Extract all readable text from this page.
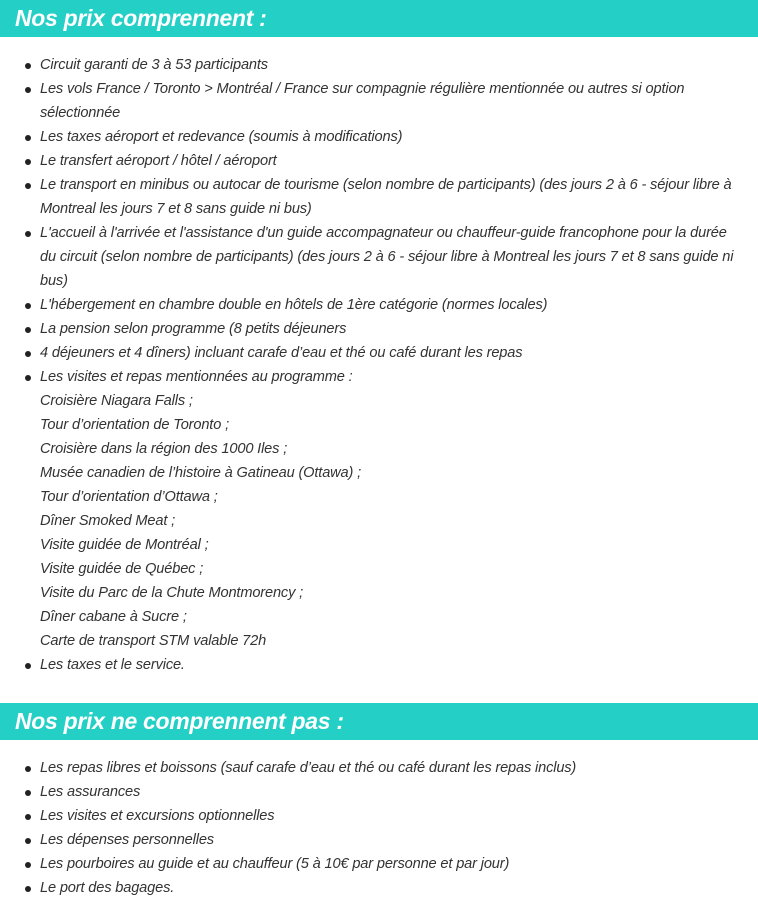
Nos prix comprennent :
Circuit garanti de 3 à 53 participants
Les vols France / Toronto > Montréal / France sur compagnie régulière mentionnée ou autres si option sélectionnée
Les taxes aéroport et redevance (soumis à modifications)
Le transfert aéroport / hôtel / aéroport
Le transport en minibus ou autocar de tourisme (selon nombre de participants) (des jours 2 à 6 - séjour libre à Montreal les jours 7 et 8 sans guide ni bus)
L'accueil à l'arrivée et l'assistance d'un guide accompagnateur ou chauffeur-guide francophone pour la durée du circuit (selon nombre de participants) (des jours 2 à 6 - séjour libre à Montreal les jours 7 et 8 sans guide ni bus)
L'hébergement en chambre double en hôtels de 1ère catégorie (normes locales)
La pension selon programme (8 petits déjeuners
4 déjeuners et 4 dîners) incluant carafe d’eau et thé ou café durant les repas
Les visites et repas mentionnées au programme :
Croisière Niagara Falls ;
Tour d’orientation de Toronto ;
Croisière dans la région des 1000 Iles ;
Musée canadien de l’histoire à Gatineau (Ottawa) ;
Tour d’orientation d’Ottawa ;
Dîner Smoked Meat ;
Visite guidée de Montréal ;
Visite guidée de Québec ;
Visite du Parc de la Chute Montmorency ;
Dîner cabane à Sucre ;
Carte de transport STM valable 72h
Les taxes et le service.
Nos prix ne comprennent pas :
Les repas libres et boissons (sauf carafe d’eau et thé ou café durant les repas inclus)
Les assurances
Les visites et excursions optionnelles
Les dépenses personnelles
Les pourboires au guide et au chauffeur (5 à 10€ par personne et par jour)
Le port des bagages.
